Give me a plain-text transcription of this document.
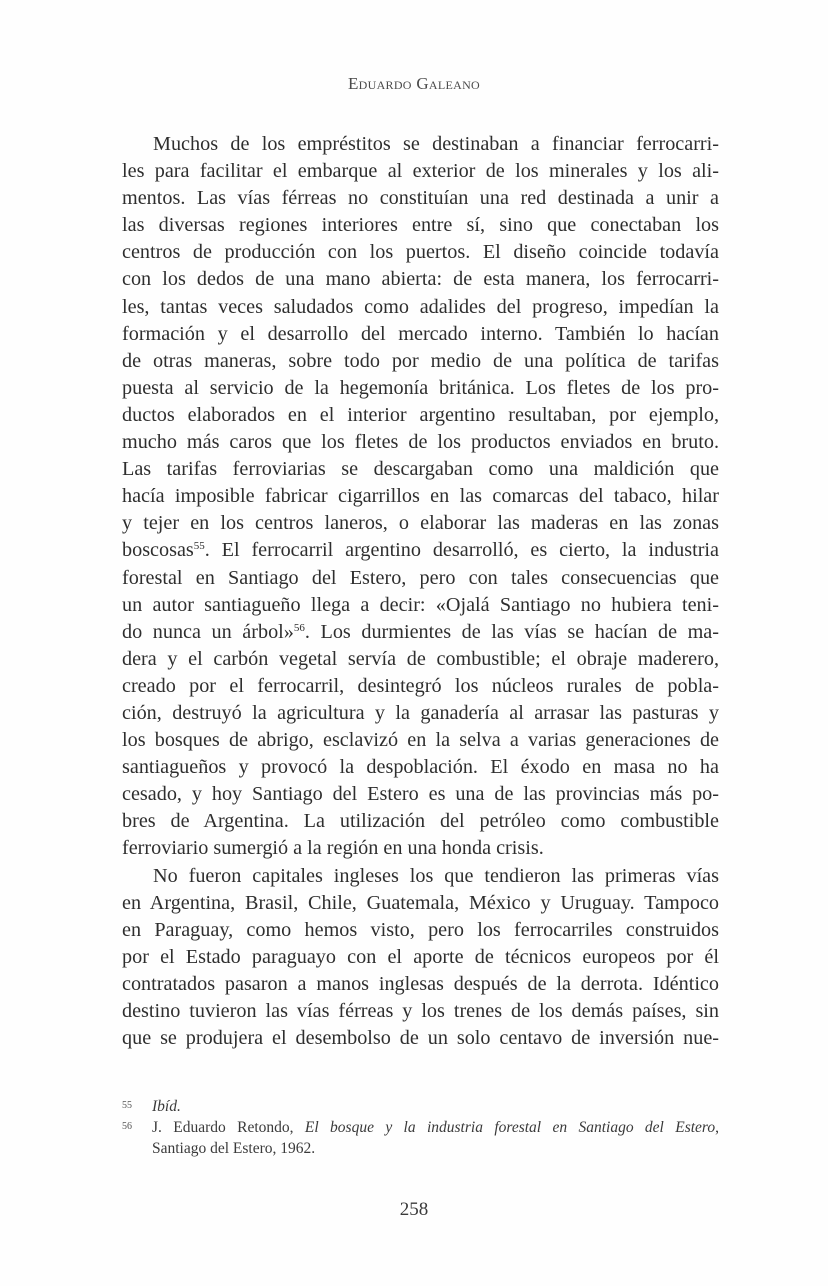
Eduardo Galeano
Muchos de los empréstitos se destinaban a financiar ferrocarri-
les para facilitar el embarque al exterior de los minerales y los ali-
mentos. Las vías férreas no constituían una red destinada a unir a
las diversas regiones interiores entre sí, sino que conectaban los
centros de producción con los puertos. El diseño coincide todavía
con los dedos de una mano abierta: de esta manera, los ferrocarri-
les, tantas veces saludados como adalides del progreso, impedían la
formación y el desarrollo del mercado interno. También lo hacían
de otras maneras, sobre todo por medio de una política de tarifas
puesta al servicio de la hegemonía británica. Los fletes de los pro-
ductos elaborados en el interior argentino resultaban, por ejemplo,
mucho más caros que los fletes de los productos enviados en bruto.
Las tarifas ferroviarias se descargaban como una maldición que
hacía imposible fabricar cigarrillos en las comarcas del tabaco, hilar
y tejer en los centros laneros, o elaborar las maderas en las zonas
boscosas$^{55}$. El ferrocarril argentino desarrolló, es cierto, la industria
forestal en Santiago del Estero, pero con tales consecuencias que
un autor santiagueño llega a decir: «Ojalá Santiago no hubiera teni-
do nunca un árbol»$^{56}$. Los durmientes de las vías se hacían de ma-
dera y el carbón vegetal servía de combustible; el obraje maderero,
creado por el ferrocarril, desintegró los núcleos rurales de pobla-
ción, destruyó la agricultura y la ganadería al arrasar las pasturas y
los bosques de abrigo, esclavizó en la selva a varias generaciones de
santiagueños y provocó la despoblación. El éxodo en masa no ha
cesado, y hoy Santiago del Estero es una de las provincias más po-
bres de Argentina. La utilización del petróleo como combustible
ferroviario sumergió a la región en una honda crisis.
No fueron capitales ingleses los que tendieron las primeras vías
en Argentina, Brasil, Chile, Guatemala, México y Uruguay. Tampoco
en Paraguay, como hemos visto, pero los ferrocarriles construidos
por el Estado paraguayo con el aporte de técnicos europeos por él
contratados pasaron a manos inglesas después de la derrota. Idéntico
destino tuvieron las vías férreas y los trenes de los demás países, sin
que se produjera el desembolso de un solo centavo de inversión nue-
55 Ibíd.
56 J. Eduardo Retondo, El bosque y la industria forestal en Santiago del Estero,
Santiago del Estero, 1962.
258
